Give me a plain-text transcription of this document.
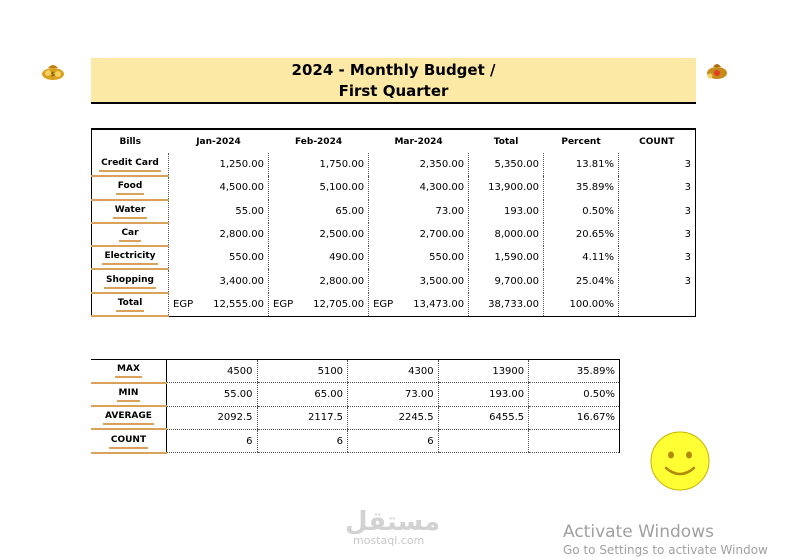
$	2024 - Monthly Budget /
First Quarter
Bills	Jan-2024	Feb-2024	Mar-2024	Total	Percent	COUNT
Credit Card	1,250.00	1,750.00	2,350.00	5,350.00	13.81%	3
Food	4,500.00	5,100.00	4,300.00	13,900.00	35.89%	3
Water	55.00	65.00	73.00	193.00	0.50%	3
Car	2,800.00	2,500.00	2,700.00	8,000.00	20.65%	3
Electricity	550.00	490.00	550.00	1,590.00	4.11%	3
Shopping	3,400.00	2,800.00	3,500.00	9,700.00	25.04%	3
Total	EGP 12,555.00	EGP 12,705.00	EGP 13,473.00	38,733.00	100.00%	
MAX	4500	5100	4300	13900	35.89%
MIN	55.00	65.00	73.00	193.00	0.50%
AVERAGE	2092.5	2117.5	2245.5	6455.5	16.67%
COUNT	6	6	6		
مستقل
mostaql.com	Activate Windows
Go to Settings to activate Window
